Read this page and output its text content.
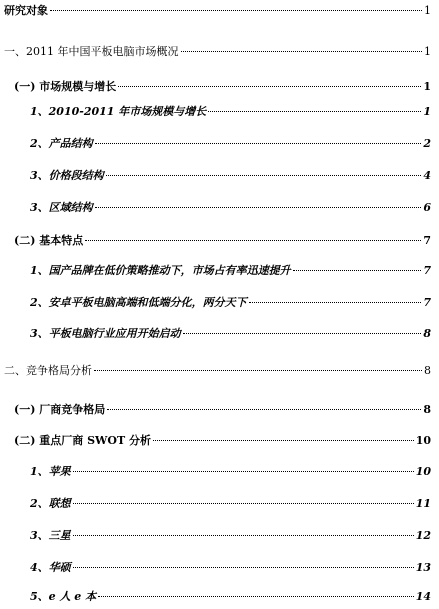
研究对象	1
一、2011 年中国平板电脑市场概况	1
(一) 市场规模与增长	1
1、2010-2011 年市场规模与增长	1
2、产品结构	2
3、价格段结构	4
3、区域结构	6
(二) 基本特点	7
1、国产品牌在低价策略推动下，市场占有率迅速提升	7
2、安卓平板电脑高端和低端分化，两分天下	7
3、平板电脑行业应用开始启动	8
二、竞争格局分析	8
(一) 厂商竞争格局	8
(二) 重点厂商 SWOT 分析	10
1、苹果	10
2、联想	11
3、三星	12
4、华硕	13
5、e 人 e 本	14
